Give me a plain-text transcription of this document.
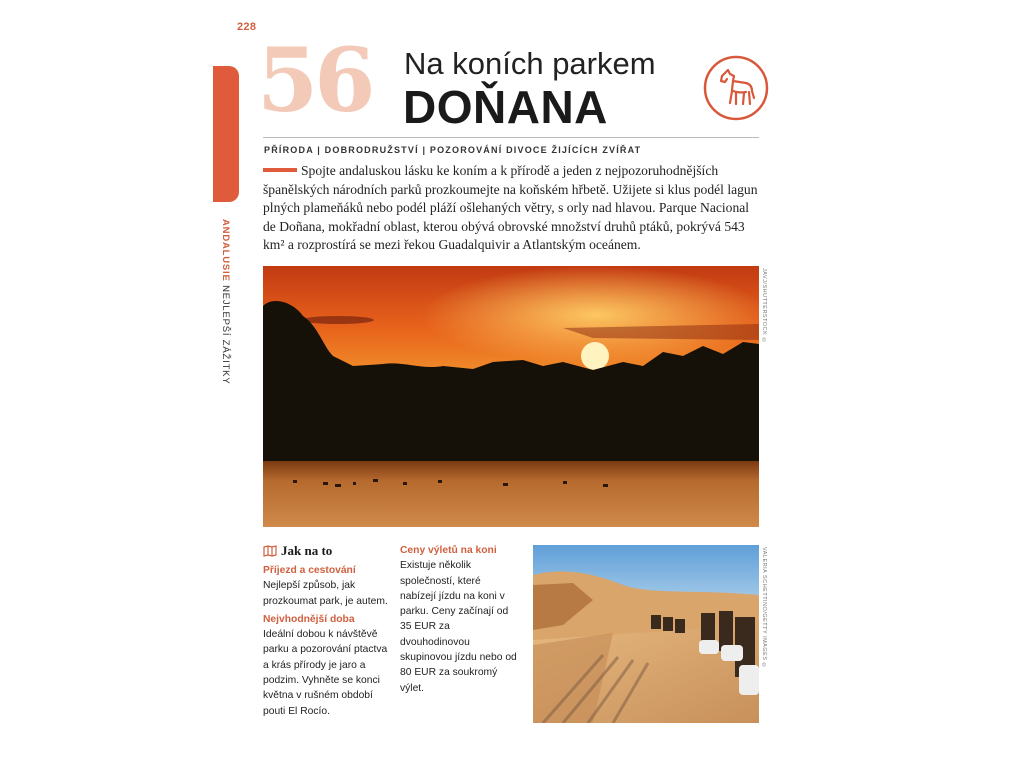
228
ANDALUSIE NEJLEPŠÍ ZÁŽITKY
56 Na koních parkem
DOŇANA
PŘÍRODA | DOBRODRUŽSTVÍ | POZOROVÁNÍ DIVOCE ŽIJÍCÍCH ZVÍŘAT
Spojte andaluskou lásku ke koním a k přírodě a jeden z nejpozoruhodnějších španělských národních parků prozkoumejte na koňském hřbetě. Užijete si klus podél lagun plných plameňáků nebo podél pláží ošlehaných větry, s orly nad hlavou. Parque Nacional de Doñana, mokřadní oblast, kterou obývá obrovské množství druhů ptáků, pokrývá 543 km² a rozprostírá se mezi řekou Guadalquivir a Atlantským oceánem.
JAVJ/SHUTTERSTOCK ©
Jak na to

Příjezd a cestování Nejlepší způsob, jak prozkoumat park, je autem.

Nejvhodnější doba Ideální dobou k návštěvě parku a pozorování ptactva a krás přírody je jaro a podzim. Vyhněte se konci května v rušném období pouti El Rocío.

Ceny výletů na koni Existuje několik společností, které nabízejí jízdu na koni v parku. Ceny začínají od 35 EUR za dvouhodinovou skupinovou jízdu nebo od 80 EUR za soukromý výlet.

VALERIA SCHETTINO/GETTY IMAGES ©
